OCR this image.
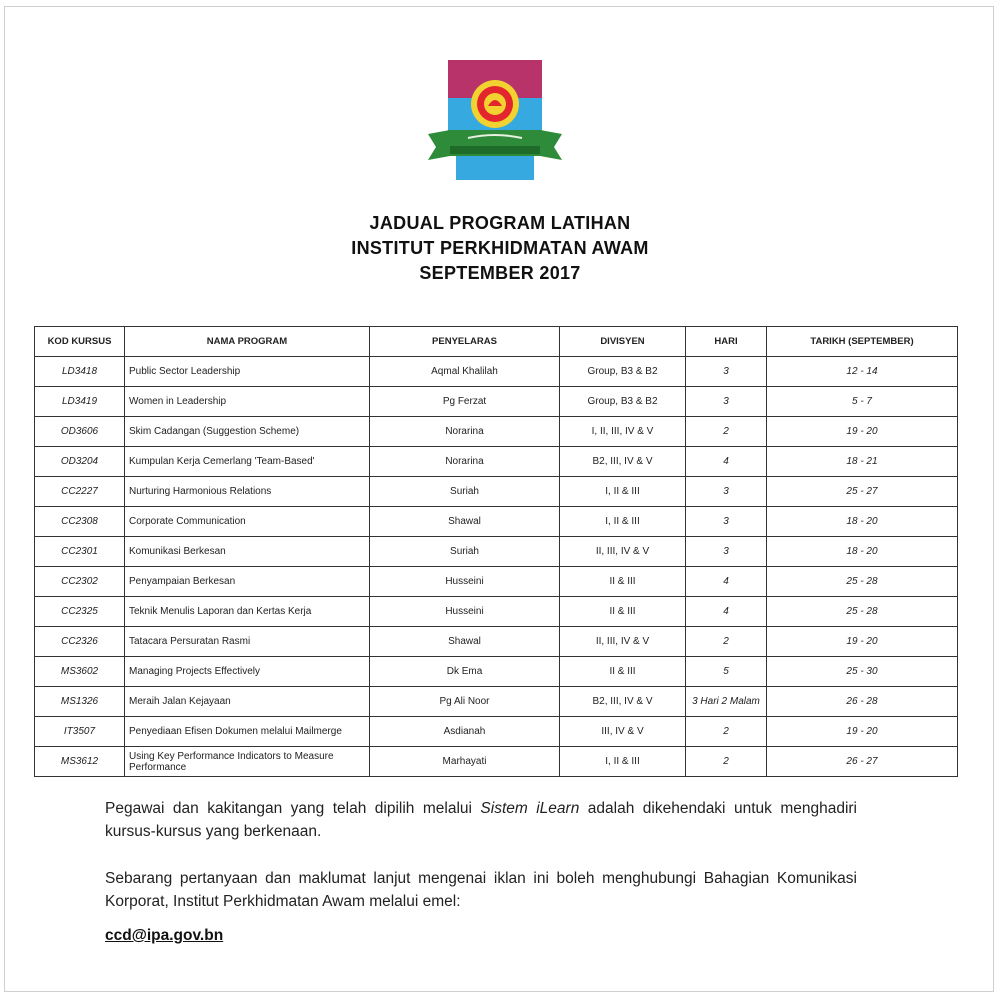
JADUAL PROGRAM LATIHAN
INSTITUT PERKHIDMATAN AWAM
SEPTEMBER 2017
KOD KURSUS	NAMA PROGRAM	PENYELARAS	DIVISYEN	HARI	TARIKH (SEPTEMBER)
LD3418	Public Sector Leadership	Aqmal Khalilah	Group, B3 & B2	3	12 - 14
LD3419	Women in Leadership	Pg Ferzat	Group, B3 & B2	3	5 - 7
OD3606	Skim Cadangan (Suggestion Scheme)	Norarina	I, II, III, IV & V	2	19 - 20
OD3204	Kumpulan Kerja Cemerlang 'Team-Based'	Norarina	B2, III, IV & V	4	18 - 21
CC2227	Nurturing Harmonious Relations	Suriah	I, II & III	3	25 - 27
CC2308	Corporate Communication	Shawal	I, II & III	3	18 - 20
CC2301	Komunikasi Berkesan	Suriah	II, III, IV & V	3	18 - 20
CC2302	Penyampaian Berkesan	Husseini	II & III	4	25 - 28
CC2325	Teknik Menulis Laporan dan Kertas Kerja	Husseini	II & III	4	25 - 28
CC2326	Tatacara Persuratan Rasmi	Shawal	II, III, IV & V	2	19 - 20
MS3602	Managing Projects Effectively	Dk Ema	II & III	5	25 - 30
MS1326	Meraih Jalan Kejayaan	Pg Ali Noor	B2, III, IV & V	3 Hari 2 Malam	26 - 28
IT3507	Penyediaan Efisen Dokumen melalui Mailmerge	Asdianah	III, IV & V	2	19 - 20
MS3612	Using Key Performance Indicators to Measure Performance	Marhayati	I, II & III	2	26 - 27

Pegawai dan kakitangan yang telah dipilih melalui Sistem iLearn adalah dikehendaki untuk menghadiri kursus-kursus yang berkenaan.

Sebarang pertanyaan dan maklumat lanjut mengenai iklan ini boleh menghubungi Bahagian Komunikasi Korporat, Institut Perkhidmatan Awam melalui emel:

ccd@ipa.gov.bn
